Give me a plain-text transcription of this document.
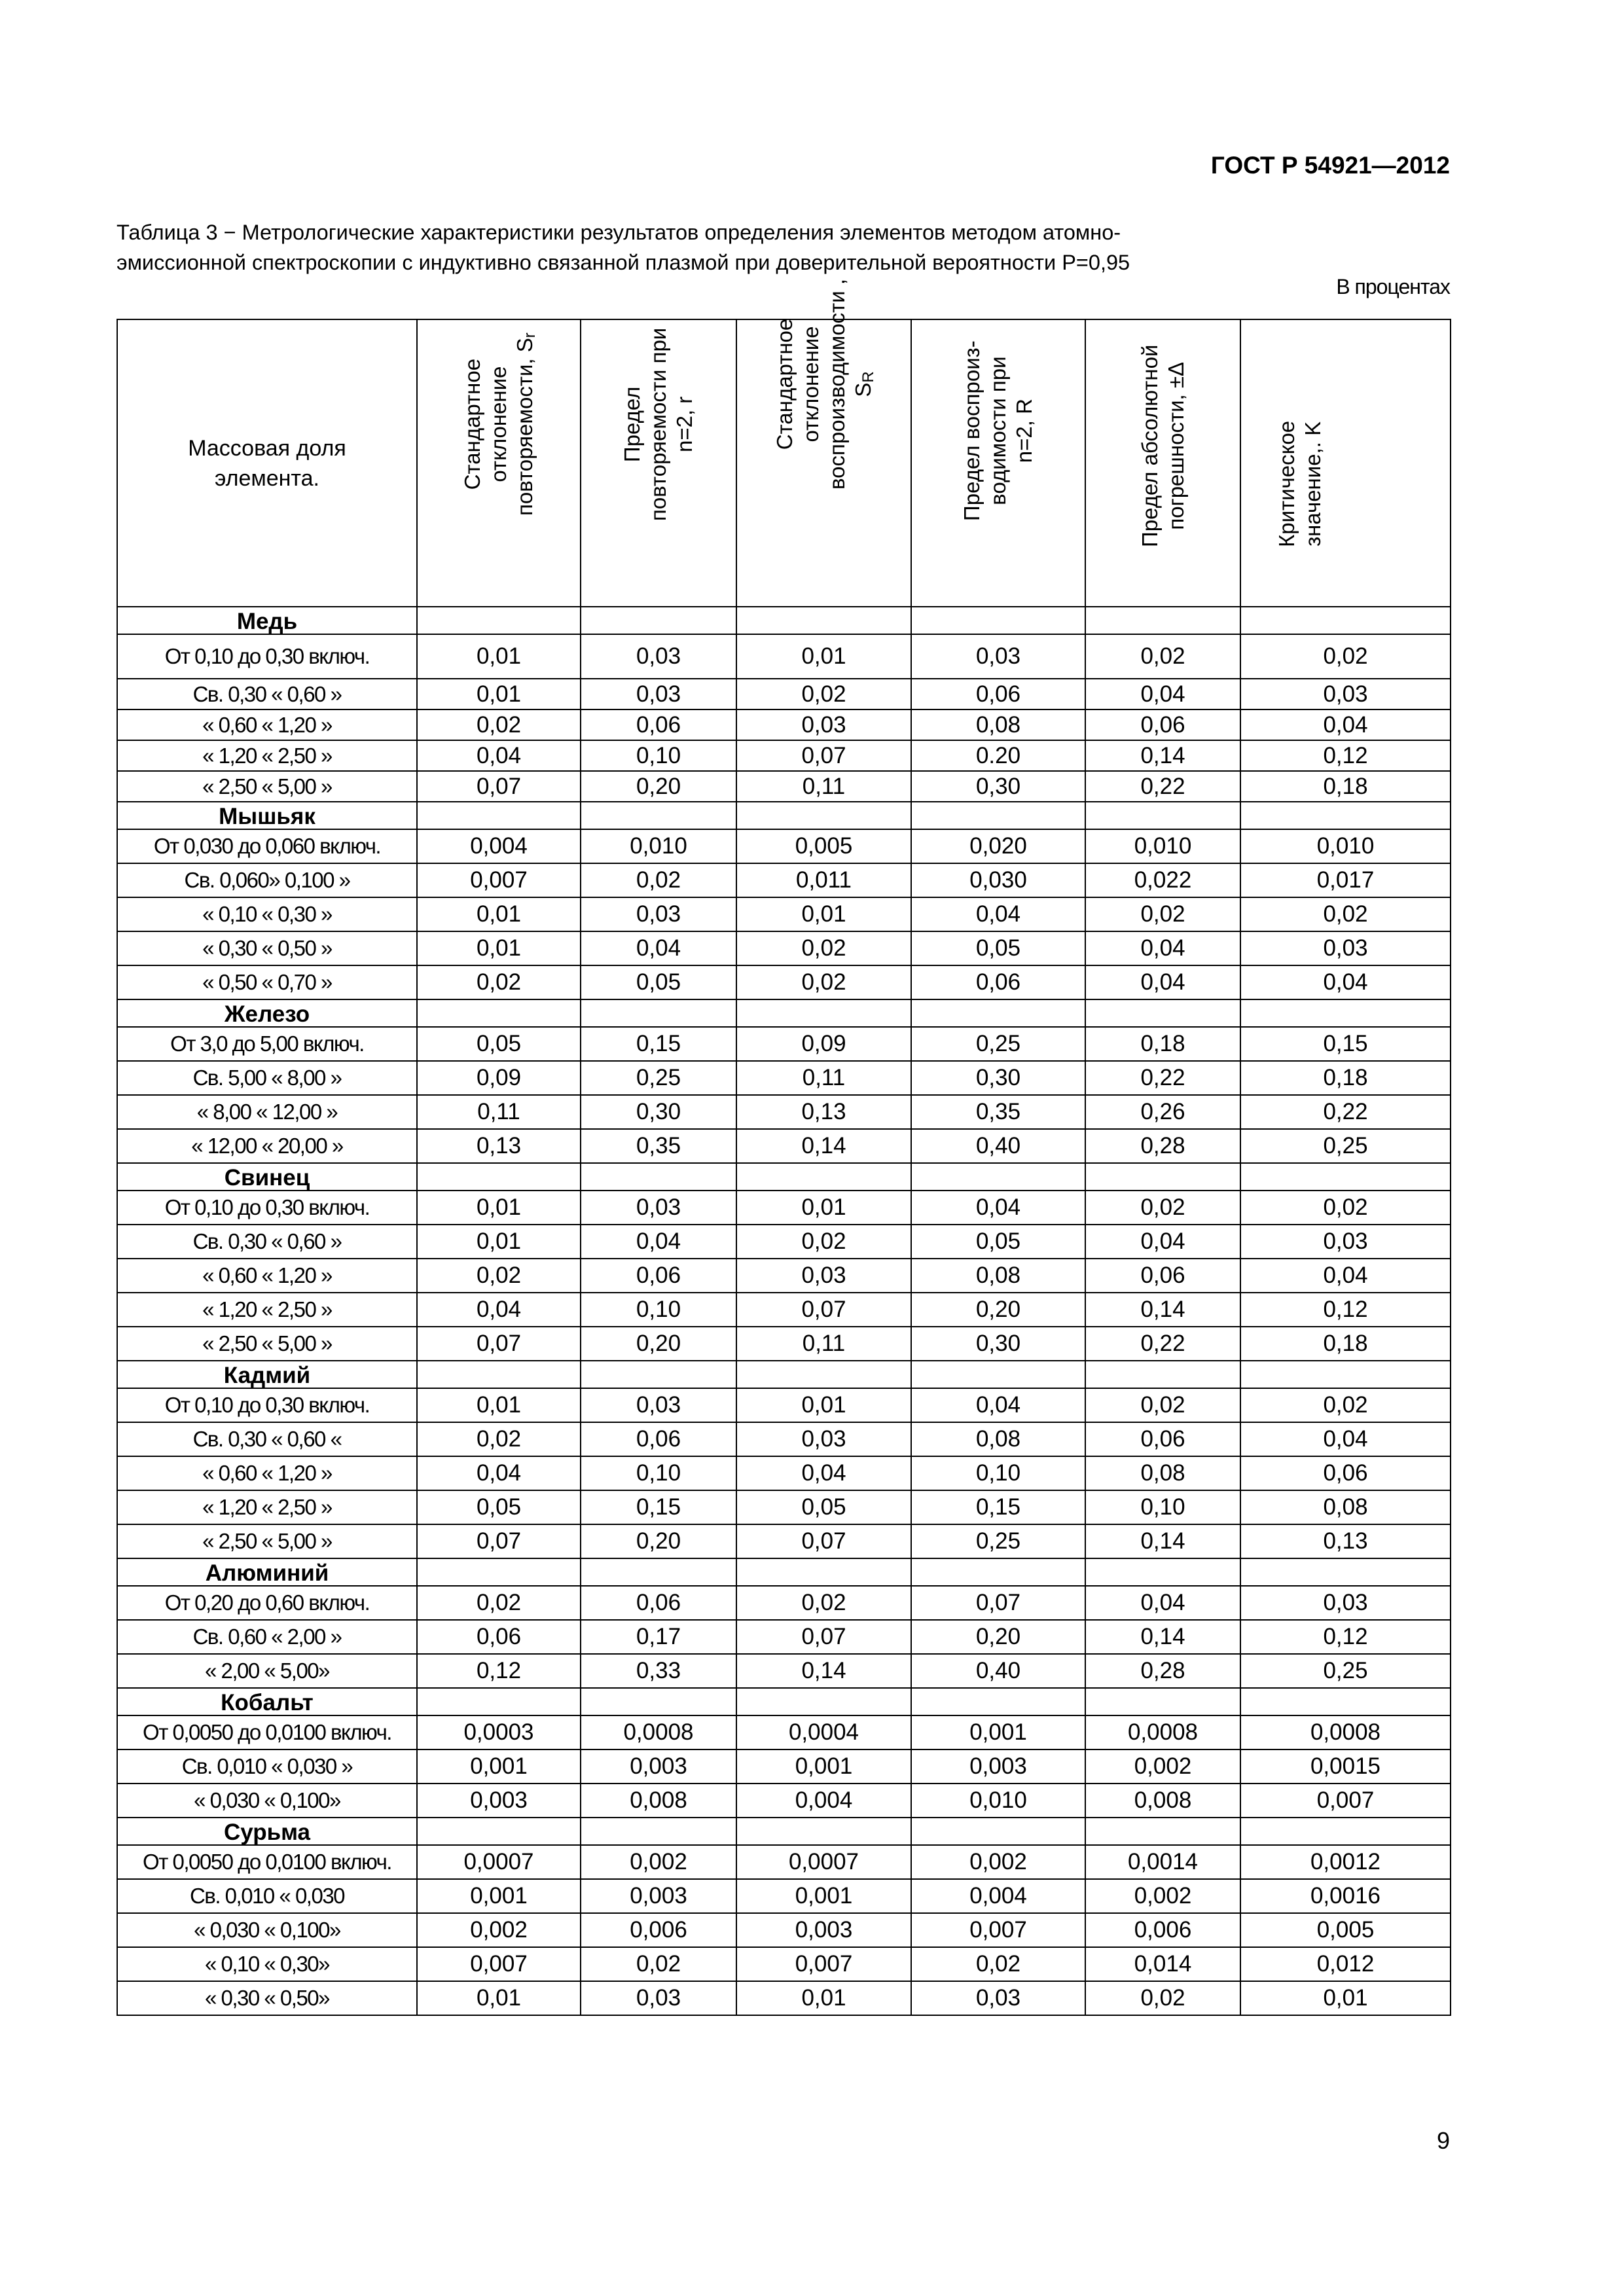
ГОСТ Р 54921—2012
Таблица 3 − Метрологические характеристики результатов определения элементов методом атомно-
эмиссионной спектроскопии с индуктивно связанной плазмой при доверительной вероятности P=0,95
В процентах
Массовая доля элемента.	Стандартное отклонение повторяемости, $S_r$	Предел повторяемости при n=2, r	Стандартное отклонение воспроизводимости , $S_R$	Предел воспроиз- водимости при n=2, R	Предел абсолютной погрешности, ±Δ	Критическое значение,. K

Медь						
От 0,10 до 0,30 включ.	0,01	0,03	0,01	0,03	0,02	0,02
Св. 0,30 « 0,60 »	0,01	0,03	0,02	0,06	0,04	0,03
« 0,60 « 1,20 »	0,02	0,06	0,03	0,08	0,06	0,04
« 1,20 « 2,50 »	0,04	0,10	0,07	0.20	0,14	0,12
« 2,50 « 5,00 »	0,07	0,20	0,11	0,30	0,22	0,18
Мышьяк						
От 0,030 до 0,060 включ.	0,004	0,010	0,005	0,020	0,010	0,010
Св. 0,060» 0,100 »	0,007	0,02	0,011	0,030	0,022	0,017
« 0,10 « 0,30 »	0,01	0,03	0,01	0,04	0,02	0,02
« 0,30 « 0,50 »	0,01	0,04	0,02	0,05	0,04	0,03
« 0,50 « 0,70 »	0,02	0,05	0,02	0,06	0,04	0,04
Железо						
От 3,0 до 5,00 включ.	0,05	0,15	0,09	0,25	0,18	0,15
Св. 5,00 « 8,00 »	0,09	0,25	0,11	0,30	0,22	0,18
« 8,00 « 12,00 »	0,11	0,30	0,13	0,35	0,26	0,22
« 12,00 « 20,00 »	0,13	0,35	0,14	0,40	0,28	0,25
Свинец						
От 0,10 до 0,30 включ.	0,01	0,03	0,01	0,04	0,02	0,02
Св. 0,30 « 0,60 »	0,01	0,04	0,02	0,05	0,04	0,03
« 0,60 « 1,20 »	0,02	0,06	0,03	0,08	0,06	0,04
« 1,20 « 2,50 »	0,04	0,10	0,07	0,20	0,14	0,12
« 2,50 « 5,00 »	0,07	0,20	0,11	0,30	0,22	0,18
Кадмий						
От 0,10 до 0,30 включ.	0,01	0,03	0,01	0,04	0,02	0,02
Св. 0,30 « 0,60 «	0,02	0,06	0,03	0,08	0,06	0,04
« 0,60 « 1,20 »	0,04	0,10	0,04	0,10	0,08	0,06
« 1,20 « 2,50 »	0,05	0,15	0,05	0,15	0,10	0,08
« 2,50 « 5,00 »	0,07	0,20	0,07	0,25	0,14	0,13
Алюминий						
От 0,20 до 0,60 включ.	0,02	0,06	0,02	0,07	0,04	0,03
Св. 0,60 « 2,00 »	0,06	0,17	0,07	0,20	0,14	0,12
« 2,00 « 5,00»	0,12	0,33	0,14	0,40	0,28	0,25
Кобальт						
От 0,0050 до 0,0100 включ.	0,0003	0,0008	0,0004	0,001	0,0008	0,0008
Св. 0,010 « 0,030 »	0,001	0,003	0,001	0,003	0,002	0,0015
« 0,030 « 0,100»	0,003	0,008	0,004	0,010	0,008	0,007
Сурьма						
От 0,0050 до 0,0100 включ.	0,0007	0,002	0,0007	0,002	0,0014	0,0012
Св. 0,010 « 0,030	0,001	0,003	0,001	0,004	0,002	0,0016
« 0,030 « 0,100»	0,002	0,006	0,003	0,007	0,006	0,005
« 0,10 « 0,30»	0,007	0,02	0,007	0,02	0,014	0,012
« 0,30 « 0,50»	0,01	0,03	0,01	0,03	0,02	0,01
9
